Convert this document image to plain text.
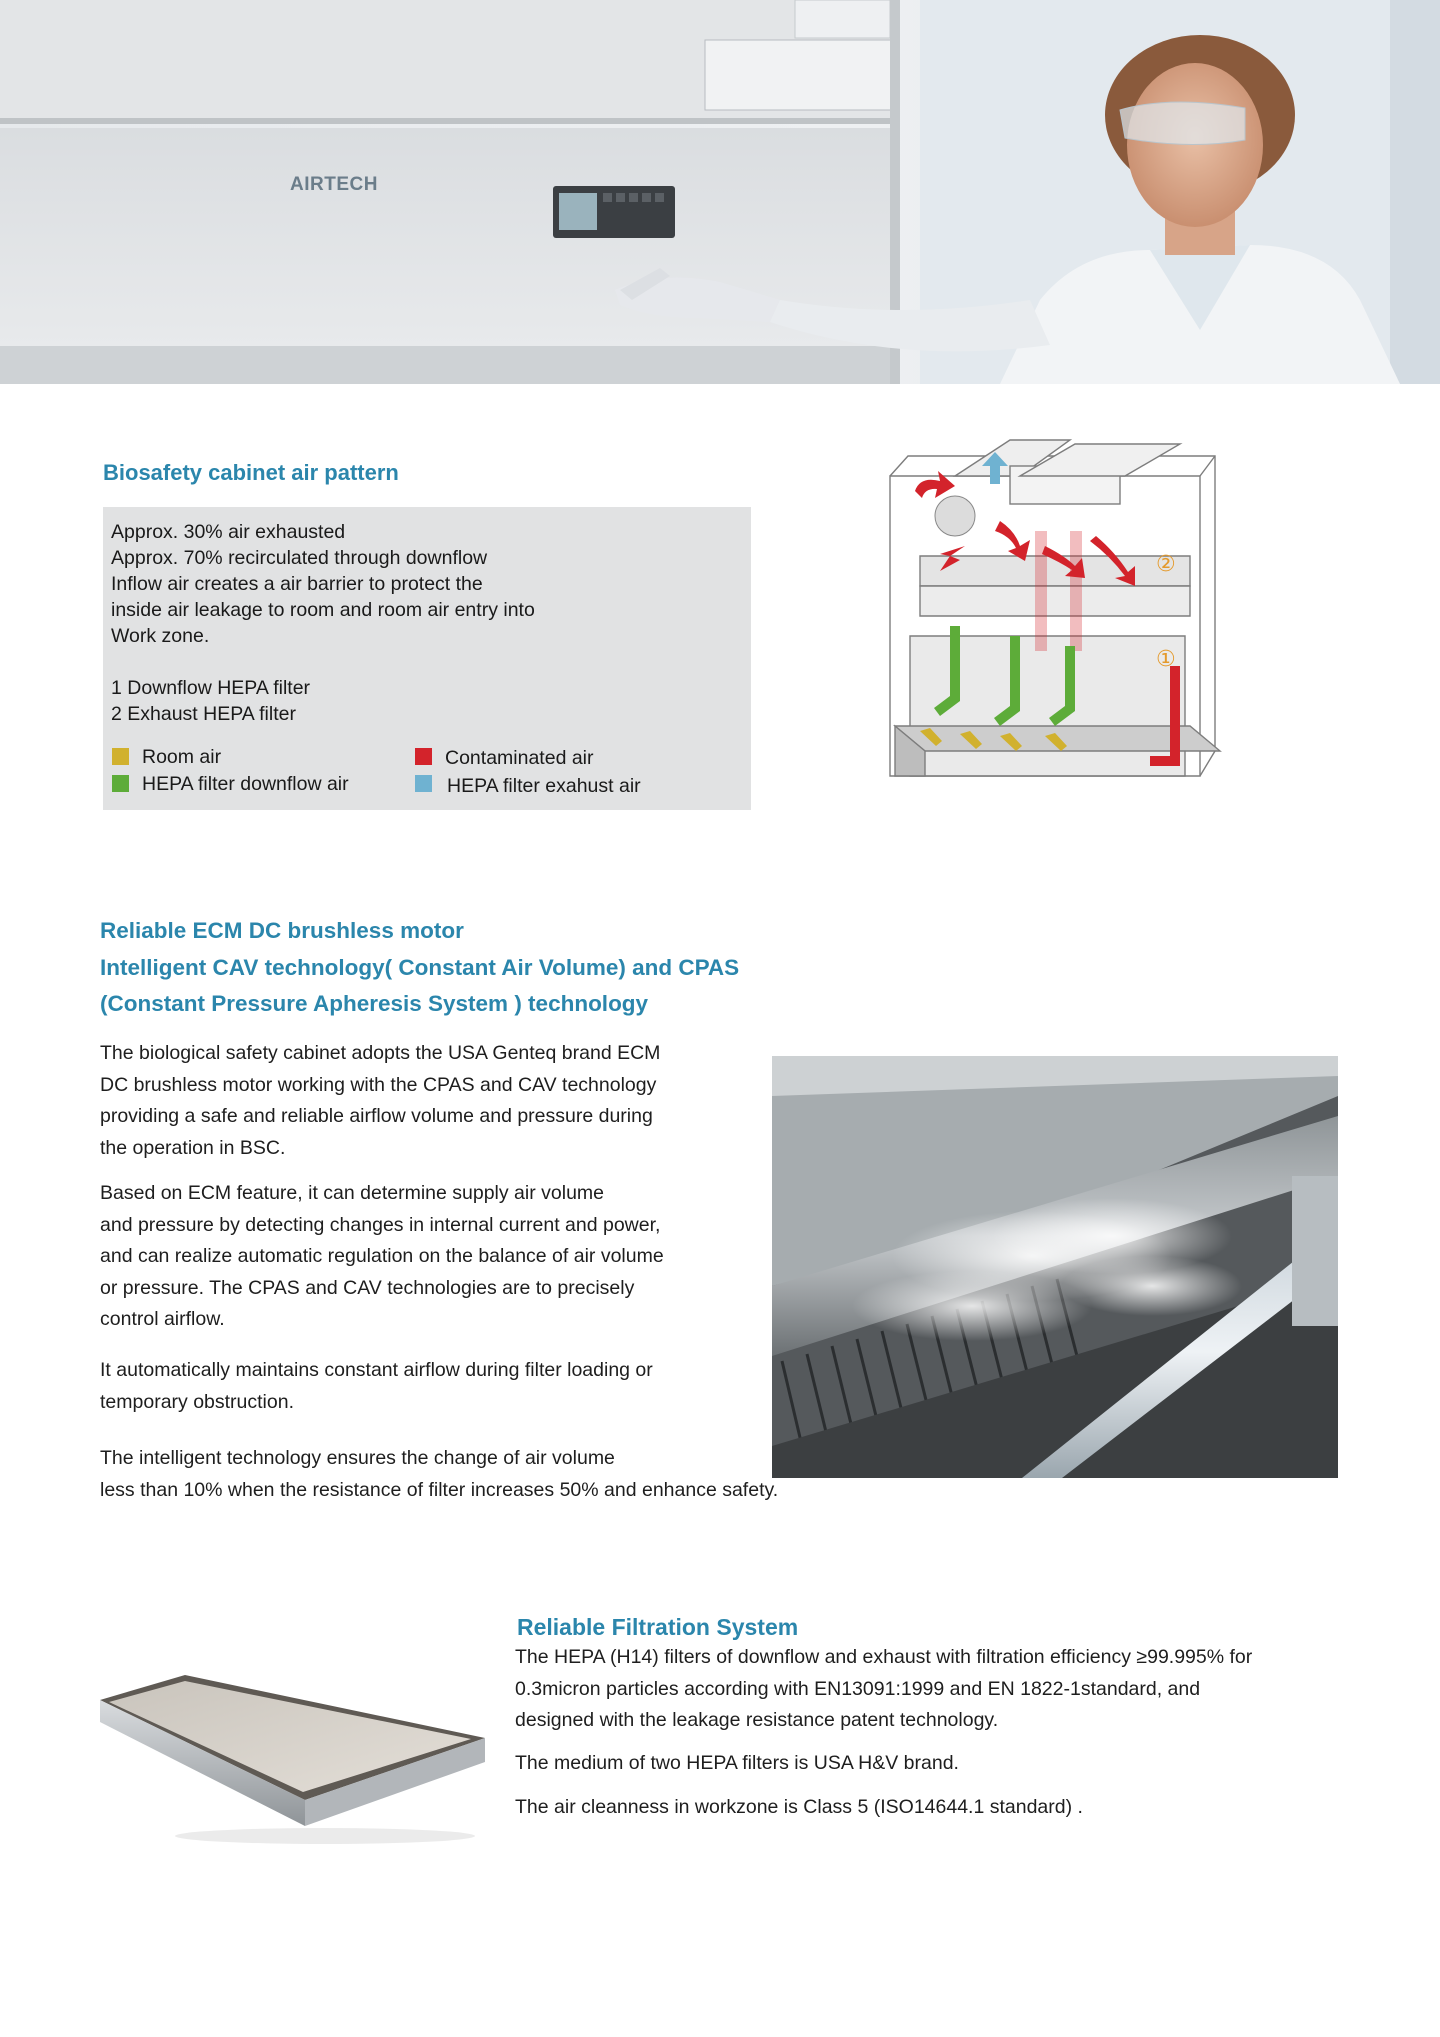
AIRTECH
Biosafety cabinet air pattern
Approx. 30% air exhausted
Approx. 70% recirculated through downflow
Inflow air creates a air barrier to protect the
inside air leakage to room and room air entry into
Work zone.
1 Downflow HEPA filter
2 Exhaust HEPA filter
Room air	Contaminated air
HEPA filter downflow air	HEPA filter exahust air
②
①
Reliable ECM DC brushless motor
Intelligent CAV technology( Constant Air Volume) and CPAS
(Constant Pressure Apheresis System ) technology
The biological safety cabinet adopts the USA Genteq brand ECM
DC brushless motor working with the CPAS and CAV technology
providing a safe and reliable airflow volume and pressure during
the operation in BSC.
Based on ECM feature, it can determine supply air volume
and pressure by detecting changes in internal current and power,
and can realize automatic regulation on the balance of air volume
or pressure. The CPAS and CAV technologies are to precisely
control airflow.
It automatically maintains constant airflow during filter loading or
temporary obstruction.
The intelligent technology ensures the change of air volume
less than 10% when the resistance of filter increases 50% and enhance safety.
Reliable Filtration System
The HEPA (H14) filters of downflow and exhaust with filtration efficiency ≥99.995% for
0.3micron particles according with EN13091:1999 and EN 1822-1standard, and
designed with the leakage resistance patent technology.
The medium of two HEPA filters is USA H&V brand.
The air cleanness in workzone is Class 5 (ISO14644.1 standard) .
